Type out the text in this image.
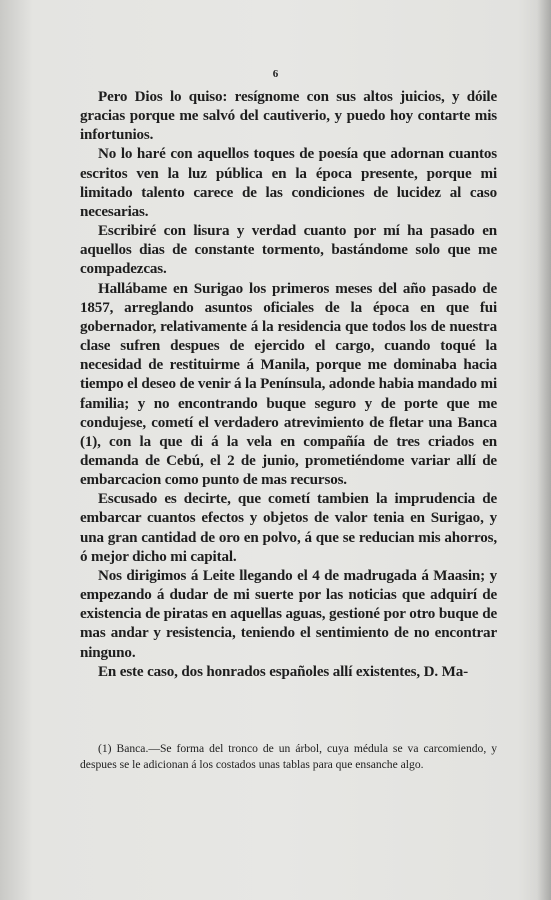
6

Pero Dios lo quiso: resígnome con sus altos juicios, y dóile gracias porque me salvó del cautiverio, y puedo hoy contarte mis infortunios.

No lo haré con aquellos toques de poesía que adornan cuantos escritos ven la luz pública en la época presente, porque mi limitado talento carece de las condiciones de lucidez al caso necesarias.

Escribiré con lisura y verdad cuanto por mí ha pasado en aquellos dias de constante tormento, bastándome solo que me compadezcas.

Hallábame en Surigao los primeros meses del año pasado de 1857, arreglando asuntos oficiales de la época en que fui gobernador, relativamente á la residencia que todos los de nuestra clase sufren despues de ejercido el cargo, cuando toqué la necesidad de restituirme á Manila, porque me dominaba hacia tiempo el deseo de venir á la Península, adonde habia mandado mi familia; y no encontrando buque seguro y de porte que me condujese, cometí el verdadero atrevimiento de fletar una Banca (1), con la que di á la vela en compañía de tres criados en demanda de Cebú, el 2 de junio, prometiéndome variar allí de embarcacion como punto de mas recursos.

Escusado es decirte, que cometí tambien la imprudencia de embarcar cuantos efectos y objetos de valor tenia en Surigao, y una gran cantidad de oro en polvo, á que se reducian mis ahorros, ó mejor dicho mi capital.

Nos dirigimos á Leite llegando el 4 de madrugada á Maasin; y empezando á dudar de mi suerte por las noticias que adquirí de existencia de piratas en aquellas aguas, gestioné por otro buque de mas andar y resistencia, teniendo el sentimiento de no encontrar ninguno.

En este caso, dos honrados españoles allí existentes, D. Ma-

(1) Banca.—Se forma del tronco de un árbol, cuya médula se va carcomiendo, y despues se le adicionan á los costados unas tablas para que ensanche algo.
